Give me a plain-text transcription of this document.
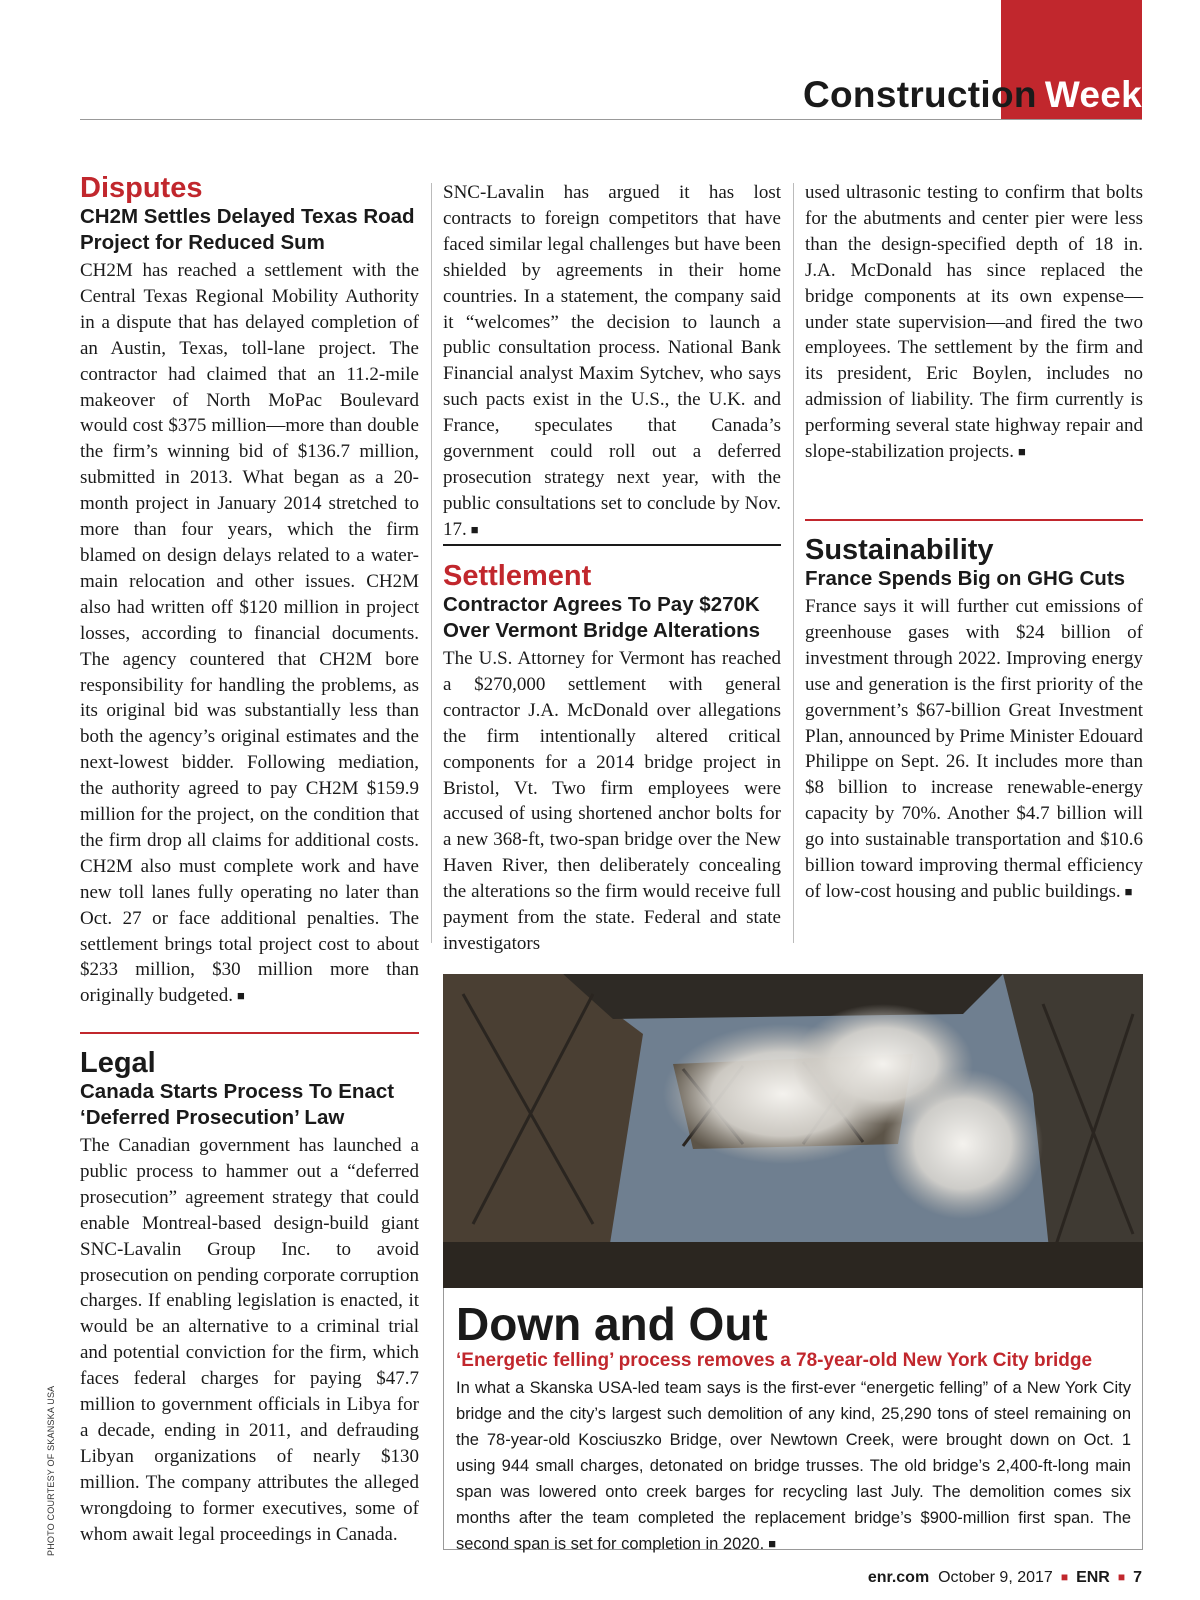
Construction Week
Disputes
CH2M Settles Delayed Texas Road Project for Reduced Sum

CH2M has reached a settlement with the Central Texas Regional Mobility Authority in a dispute that has delayed completion of an Austin, Texas, toll-lane project. The contractor had claimed that an 11.2-mile makeover of North MoPac Boulevard would cost $375 million—more than double the firm’s winning bid of $136.7 million, submitted in 2013. What began as a 20-month project in January 2014 stretched to more than four years, which the firm blamed on design delays related to a water-main relocation and other issues. CH2M also had written off $120 million in project losses, according to financial documents. The agency countered that CH2M bore responsibility for handling the problems, as its original bid was substantially less than both the agency’s original estimates and the next-lowest bidder. Following mediation, the authority agreed to pay CH2M $159.9 million for the project, on the condition that the firm drop all claims for additional costs. CH2M also must complete work and have new toll lanes fully operating no later than Oct. 27 or face additional penalties. The settlement brings total project cost to about $233 million, $30 million more than originally budgeted. ■

Legal
Canada Starts Process To Enact ‘Deferred Prosecution’ Law

The Canadian government has launched a public process to hammer out a “deferred prosecution” agreement strategy that could enable Montreal-based design-build giant SNC-Lavalin Group Inc. to avoid prosecution on pending corporate corruption charges. If enabling legislation is enacted, it would be an alternative to a criminal trial and potential conviction for the firm, which faces federal charges for paying $47.7 million to government officials in Libya for a decade, ending in 2011, and defrauding Libyan organizations of nearly $130 million. The company attributes the alleged wrongdoing to former executives, some of whom await legal proceedings in Canada.

SNC-Lavalin has argued it has lost contracts to foreign competitors that have faced similar legal challenges but have been shielded by agreements in their home countries. In a statement, the company said it “welcomes” the decision to launch a public consultation process. National Bank Financial analyst Maxim Sytchev, who says such pacts exist in the U.S., the U.K. and France, speculates that Canada’s government could roll out a deferred prosecution strategy next year, with the public consultations set to conclude by Nov. 17. ■

Settlement
Contractor Agrees To Pay $270K Over Vermont Bridge Alterations

The U.S. Attorney for Vermont has reached a $270,000 settlement with general contractor J.A. McDonald over allegations the firm intentionally altered critical components for a 2014 bridge project in Bristol, Vt. Two firm employees were accused of using shortened anchor bolts for a new 368-ft, two-span bridge over the New Haven River, then deliberately concealing the alterations so the firm would receive full payment from the state. Federal and state investigators

used ultrasonic testing to confirm that bolts for the abutments and center pier were less than the design-specified depth of 18 in. J.A. McDonald has since replaced the bridge components at its own expense—under state supervision—and fired the two employees. The settlement by the firm and its president, Eric Boylen, includes no admission of liability. The firm currently is performing several state highway repair and slope-stabilization projects. ■

Sustainability
France Spends Big on GHG Cuts

France says it will further cut emissions of greenhouse gases with $24 billion of investment through 2022. Improving energy use and generation is the first priority of the government’s $67-billion Great Investment Plan, announced by Prime Minister Edouard Philippe on Sept. 26. It includes more than $8 billion to increase renewable-energy capacity by 70%. Another $4.7 billion will go into sustainable transportation and $10.6 billion toward improving thermal efficiency of low-cost housing and public buildings. ■

Down and Out
‘Energetic felling’ process removes a 78-year-old New York City bridge

In what a Skanska USA-led team says is the first-ever “energetic felling” of a New York City bridge and the city’s largest such demolition of any kind, 25,290 tons of steel remaining on the 78-year-old Kosciuszko Bridge, over Newtown Creek, were brought down on Oct. 1 using 944 small charges, detonated on bridge trusses. The old bridge’s 2,400-ft-long main span was lowered onto creek barges for recycling last July. The demolition comes six months after the team completed the replacement bridge’s $900-million first span. The second span is set for completion in 2020. ■

PHOTO COURTESY OF SKANSKA USA
enr.com October 9, 2017 ■ ENR ■ 7
